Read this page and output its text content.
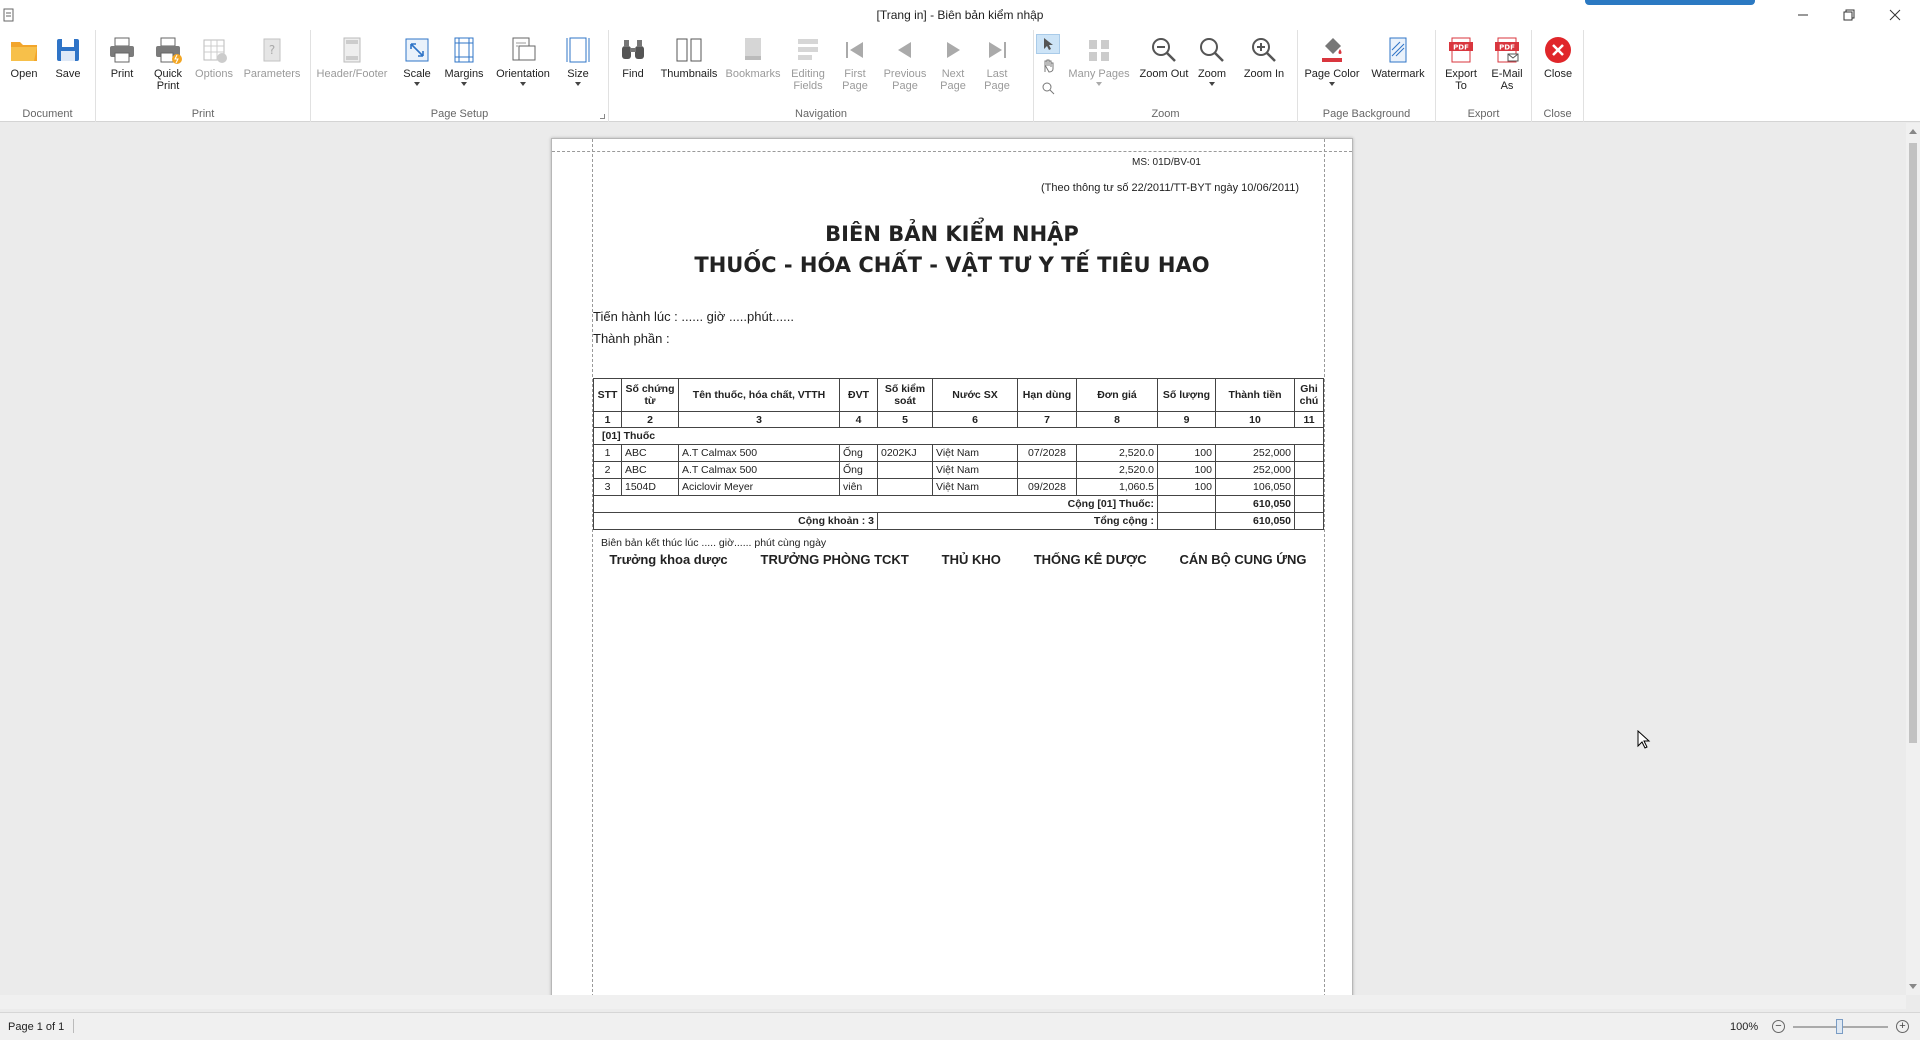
[Trang in] - Biên bản kiểm nhập
Open Save
Document
Print Quick
Print
Options
?
Parameters
Print
Header/Footer Scale Margins Orientation Size
Page Setup
Find Thumbnails Bookmarks Editing
Fields
First
Page
Previous
Page
Next
Page
Last
Page
Navigation
Many Pages Zoom Out Zoom Zoom In
Zoom
Page Color Watermark
Page Background
PDF
Export
To
PDF
E-Mail
As
Export
Close
Close
MS: 01D/BV-01
(Theo thông tư số 22/2011/TT-BYT ngày 10/06/2011)
BIÊN BẢN KIỂM NHẬP
THUỐC - HÓA CHẤT - VẬT TƯ Y TẾ TIÊU HAO
Tiến hành lúc : ...... giờ .....phút......
Thành phần :
STT	Số chứng từ	Tên thuốc, hóa chất, VTTH	ĐVT	Số kiểm soát	Nước SX	Hạn dùng	Đơn giá	Số lượng	Thành tiền	Ghi chú
1	2	3	4	5	6	7	8	9	10	11
[01] Thuốc										
1	ABC	A.T Calmax 500	Ống	0202KJ	Việt Nam	07/2028	2,520.0	100	252,000	
2	ABC	A.T Calmax 500	Ống		Việt Nam		2,520.0	100	252,000	
3	1504D	Aciclovir Meyer	viên		Việt Nam	09/2028	1,060.5	100	106,050	
Cộng [01] Thuốc:									610,050	
Cộng khoản : 3				Tổng cộng :					610,050	
Biên bản kết thúc lúc ..... giờ...... phút cùng ngày
Trưởng khoa dược	TRƯỞNG PHÒNG TCKT	THỦ KHO	THỐNG KÊ DƯỢC	CÁN BỘ CUNG ỨNG
Page 1 of 1	100% −	+
